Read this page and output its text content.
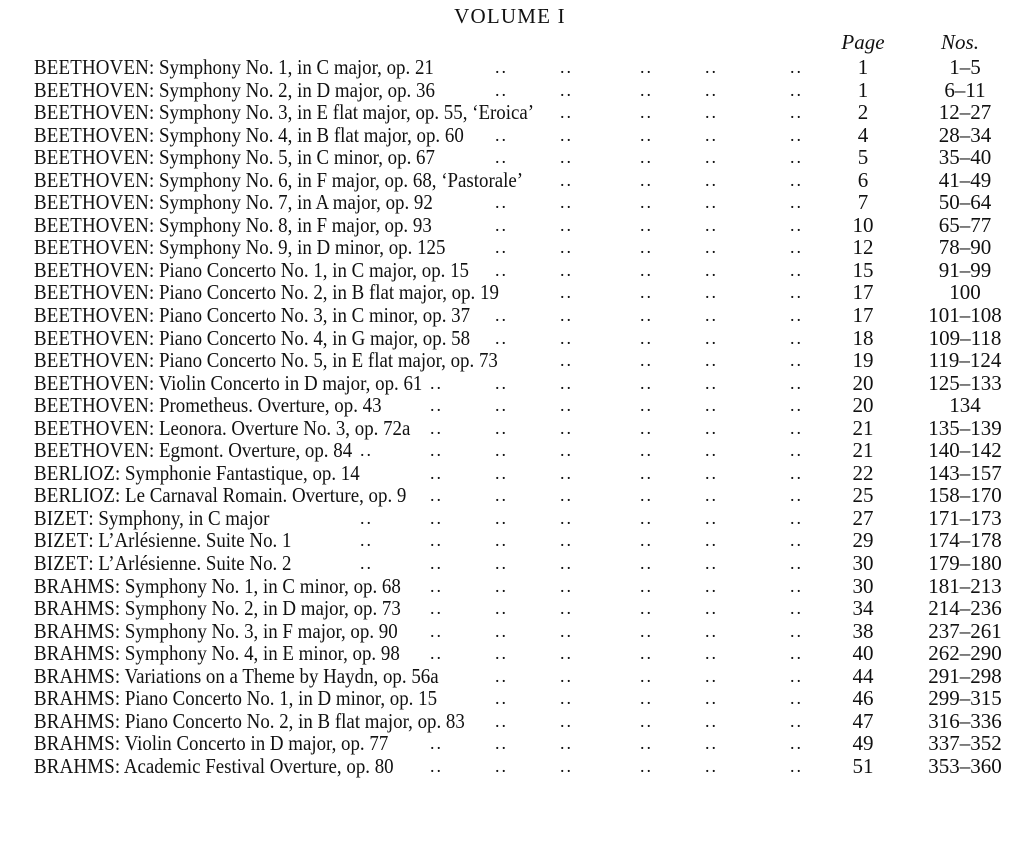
VOLUME I
Page	Nos.
BEETHOVEN: Symphony No. 1, in C major, op. 21	1	1–5
..	..	..	..	..
BEETHOVEN: Symphony No. 2, in D major, op. 36	1	6–11
..	..	..	..	..
BEETHOVEN: Symphony No. 3, in E flat major, op. 55, ‘Eroica’	2	12–27
..	..	..	..
BEETHOVEN: Symphony No. 4, in B flat major, op. 60	4	28–34
..	..	..	..	..
BEETHOVEN: Symphony No. 5, in C minor, op. 67	5	35–40
..	..	..	..	..
BEETHOVEN: Symphony No. 6, in F major, op. 68, ‘Pastorale’	6	41–49
..	..	..	..
BEETHOVEN: Symphony No. 7, in A major, op. 92	7	50–64
..	..	..	..	..
BEETHOVEN: Symphony No. 8, in F major, op. 93	10	65–77
..	..	..	..	..
BEETHOVEN: Symphony No. 9, in D minor, op. 125	12	78–90
..	..	..	..	..
BEETHOVEN: Piano Concerto No. 1, in C major, op. 15	15	91–99
..	..	..	..	..
BEETHOVEN: Piano Concerto No. 2, in B flat major, op. 19	17	100
..	..	..	..
BEETHOVEN: Piano Concerto No. 3, in C minor, op. 37	17	101–108
..	..	..	..	..
BEETHOVEN: Piano Concerto No. 4, in G major, op. 58	18	109–118
..	..	..	..	..
BEETHOVEN: Piano Concerto No. 5, in E flat major, op. 73	19	119–124
..	..	..	..
BEETHOVEN: Violin Concerto in D major, op. 61	20	125–133
..	..	..	..	..	..
BEETHOVEN: Prometheus. Overture, op. 43	20	134
..	..	..	..	..	..
BEETHOVEN: Leonora. Overture No. 3, op. 72a	21	135–139
..	..	..	..	..	..
BEETHOVEN: Egmont. Overture, op. 84	21	140–142
..	..	..	..	..	..	..
BERLIOZ: Symphonie Fantastique, op. 14	22	143–157
..	..	..	..	..	..
BERLIOZ: Le Carnaval Romain. Overture, op. 9	25	158–170
..	..	..	..	..	..
BIZET: Symphony, in C major	27	171–173
..	..	..	..	..	..	..
BIZET: L’Arlésienne. Suite No. 1	29	174–178
..	..	..	..	..	..	..
BIZET: L’Arlésienne. Suite No. 2	30	179–180
..	..	..	..	..	..	..
BRAHMS: Symphony No. 1, in C minor, op. 68	30	181–213
..	..	..	..	..	..
BRAHMS: Symphony No. 2, in D major, op. 73	34	214–236
..	..	..	..	..	..
BRAHMS: Symphony No. 3, in F major, op. 90	38	237–261
..	..	..	..	..	..
BRAHMS: Symphony No. 4, in E minor, op. 98	40	262–290
..	..	..	..	..	..
BRAHMS: Variations on a Theme by Haydn, op. 56a	44	291–298
..	..	..	..	..
BRAHMS: Piano Concerto No. 1, in D minor, op. 15	46	299–315
..	..	..	..	..
BRAHMS: Piano Concerto No. 2, in B flat major, op. 83	47	316–336
..	..	..	..	..
BRAHMS: Violin Concerto in D major, op. 77	49	337–352
..	..	..	..	..	..
BRAHMS: Academic Festival Overture, op. 80	51	353–360
..	..	..	..	..	..
